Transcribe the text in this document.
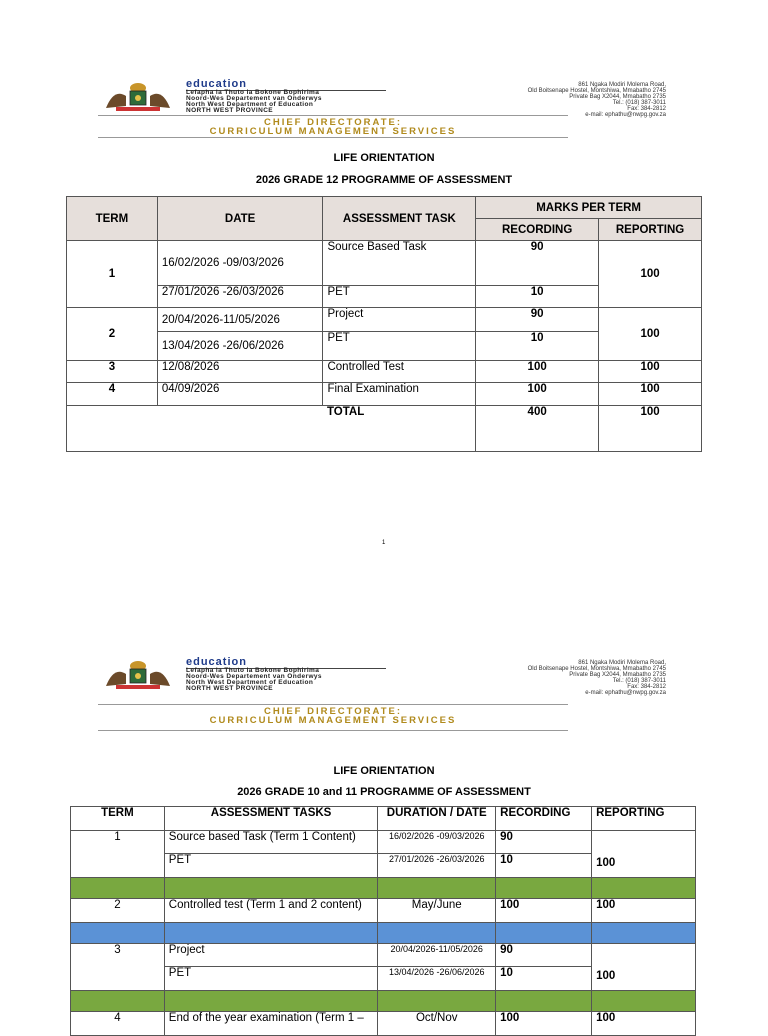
education
Lefapha la Thuto la Bokone Bophirima
Noord-Wes Departement van Onderwys
North West Department of Education
NORTH WEST PROVINCE
861 Ngaka Modiri Molema Road,
Old Boitsenape Hostel, Montshiwa, Mmabatho 2745
Private Bag X2044, Mmabatho 2735
Tel.: (018) 387-3011
Fax: 384-2812
e-mail: ephathu@nwpg.gov.za
CHIEF DIRECTORATE:
CURRICULUM MANAGEMENT SERVICES
LIFE ORIENTATION
2026 GRADE 12 PROGRAMME OF ASSESSMENT
TERM	DATE	ASSESSMENT TASK	MARKS PER TERM	
			RECORDING	REPORTING
1	16/02/2026 -09/03/2026	Source Based Task	90	100
	27/01/2026 -26/03/2026	PET	10	
2	20/04/2026-11/05/2026	Project	90	100
	13/04/2026 -26/06/2026	PET	10	
3	12/08/2026	Controlled Test	100	100
4	04/09/2026	Final Examination	100	100
		TOTAL	400	100
1
education
Lefapha la Thuto la Bokone Bophirima
Noord-Wes Departement van Onderwys
North West Department of Education
NORTH WEST PROVINCE
861 Ngaka Modiri Molema Road,
Old Boitsenape Hostel, Montshiwa, Mmabatho 2745
Private Bag X2044, Mmabatho 2735
Tel.: (018) 387-3011
Fax: 384-2812
e-mail: ephathu@nwpg.gov.za
CHIEF DIRECTORATE:
CURRICULUM MANAGEMENT SERVICES
LIFE ORIENTATION
2026 GRADE 10 and 11 PROGRAMME OF ASSESSMENT
TERM	ASSESSMENT TASKS	DURATION / DATE	RECORDING	REPORTING
1	Source based Task (Term 1 Content)	16/02/2026 -09/03/2026	90	100
	PET	27/01/2026 -26/03/2026	10	

2	Controlled test (Term 1 and 2 content)	May/June	100	100

3	Project	20/04/2026-11/05/2026	90	100
	PET	13/04/2026 -26/06/2026	10	

4	End of the year examination (Term 1 –	Oct/Nov	100	100
